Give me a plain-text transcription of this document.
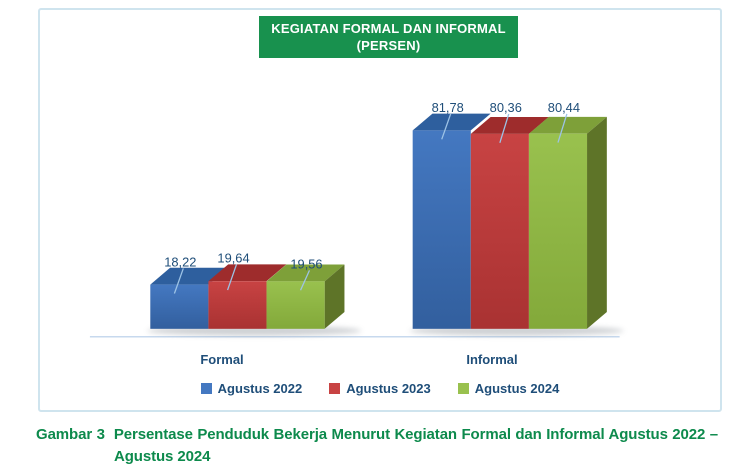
KEGIATAN FORMAL DAN INFORMAL
(PERSEN)
18,22 19,64	19,56
81,78 80,36 80,44
Formal	Informal
Agustus 2022	Agustus 2023	Agustus 2024

Gambar 3 Persentase Penduduk Bekerja Menurut Kegiatan Formal dan Informal Agustus 2022 – Agustus 2024
